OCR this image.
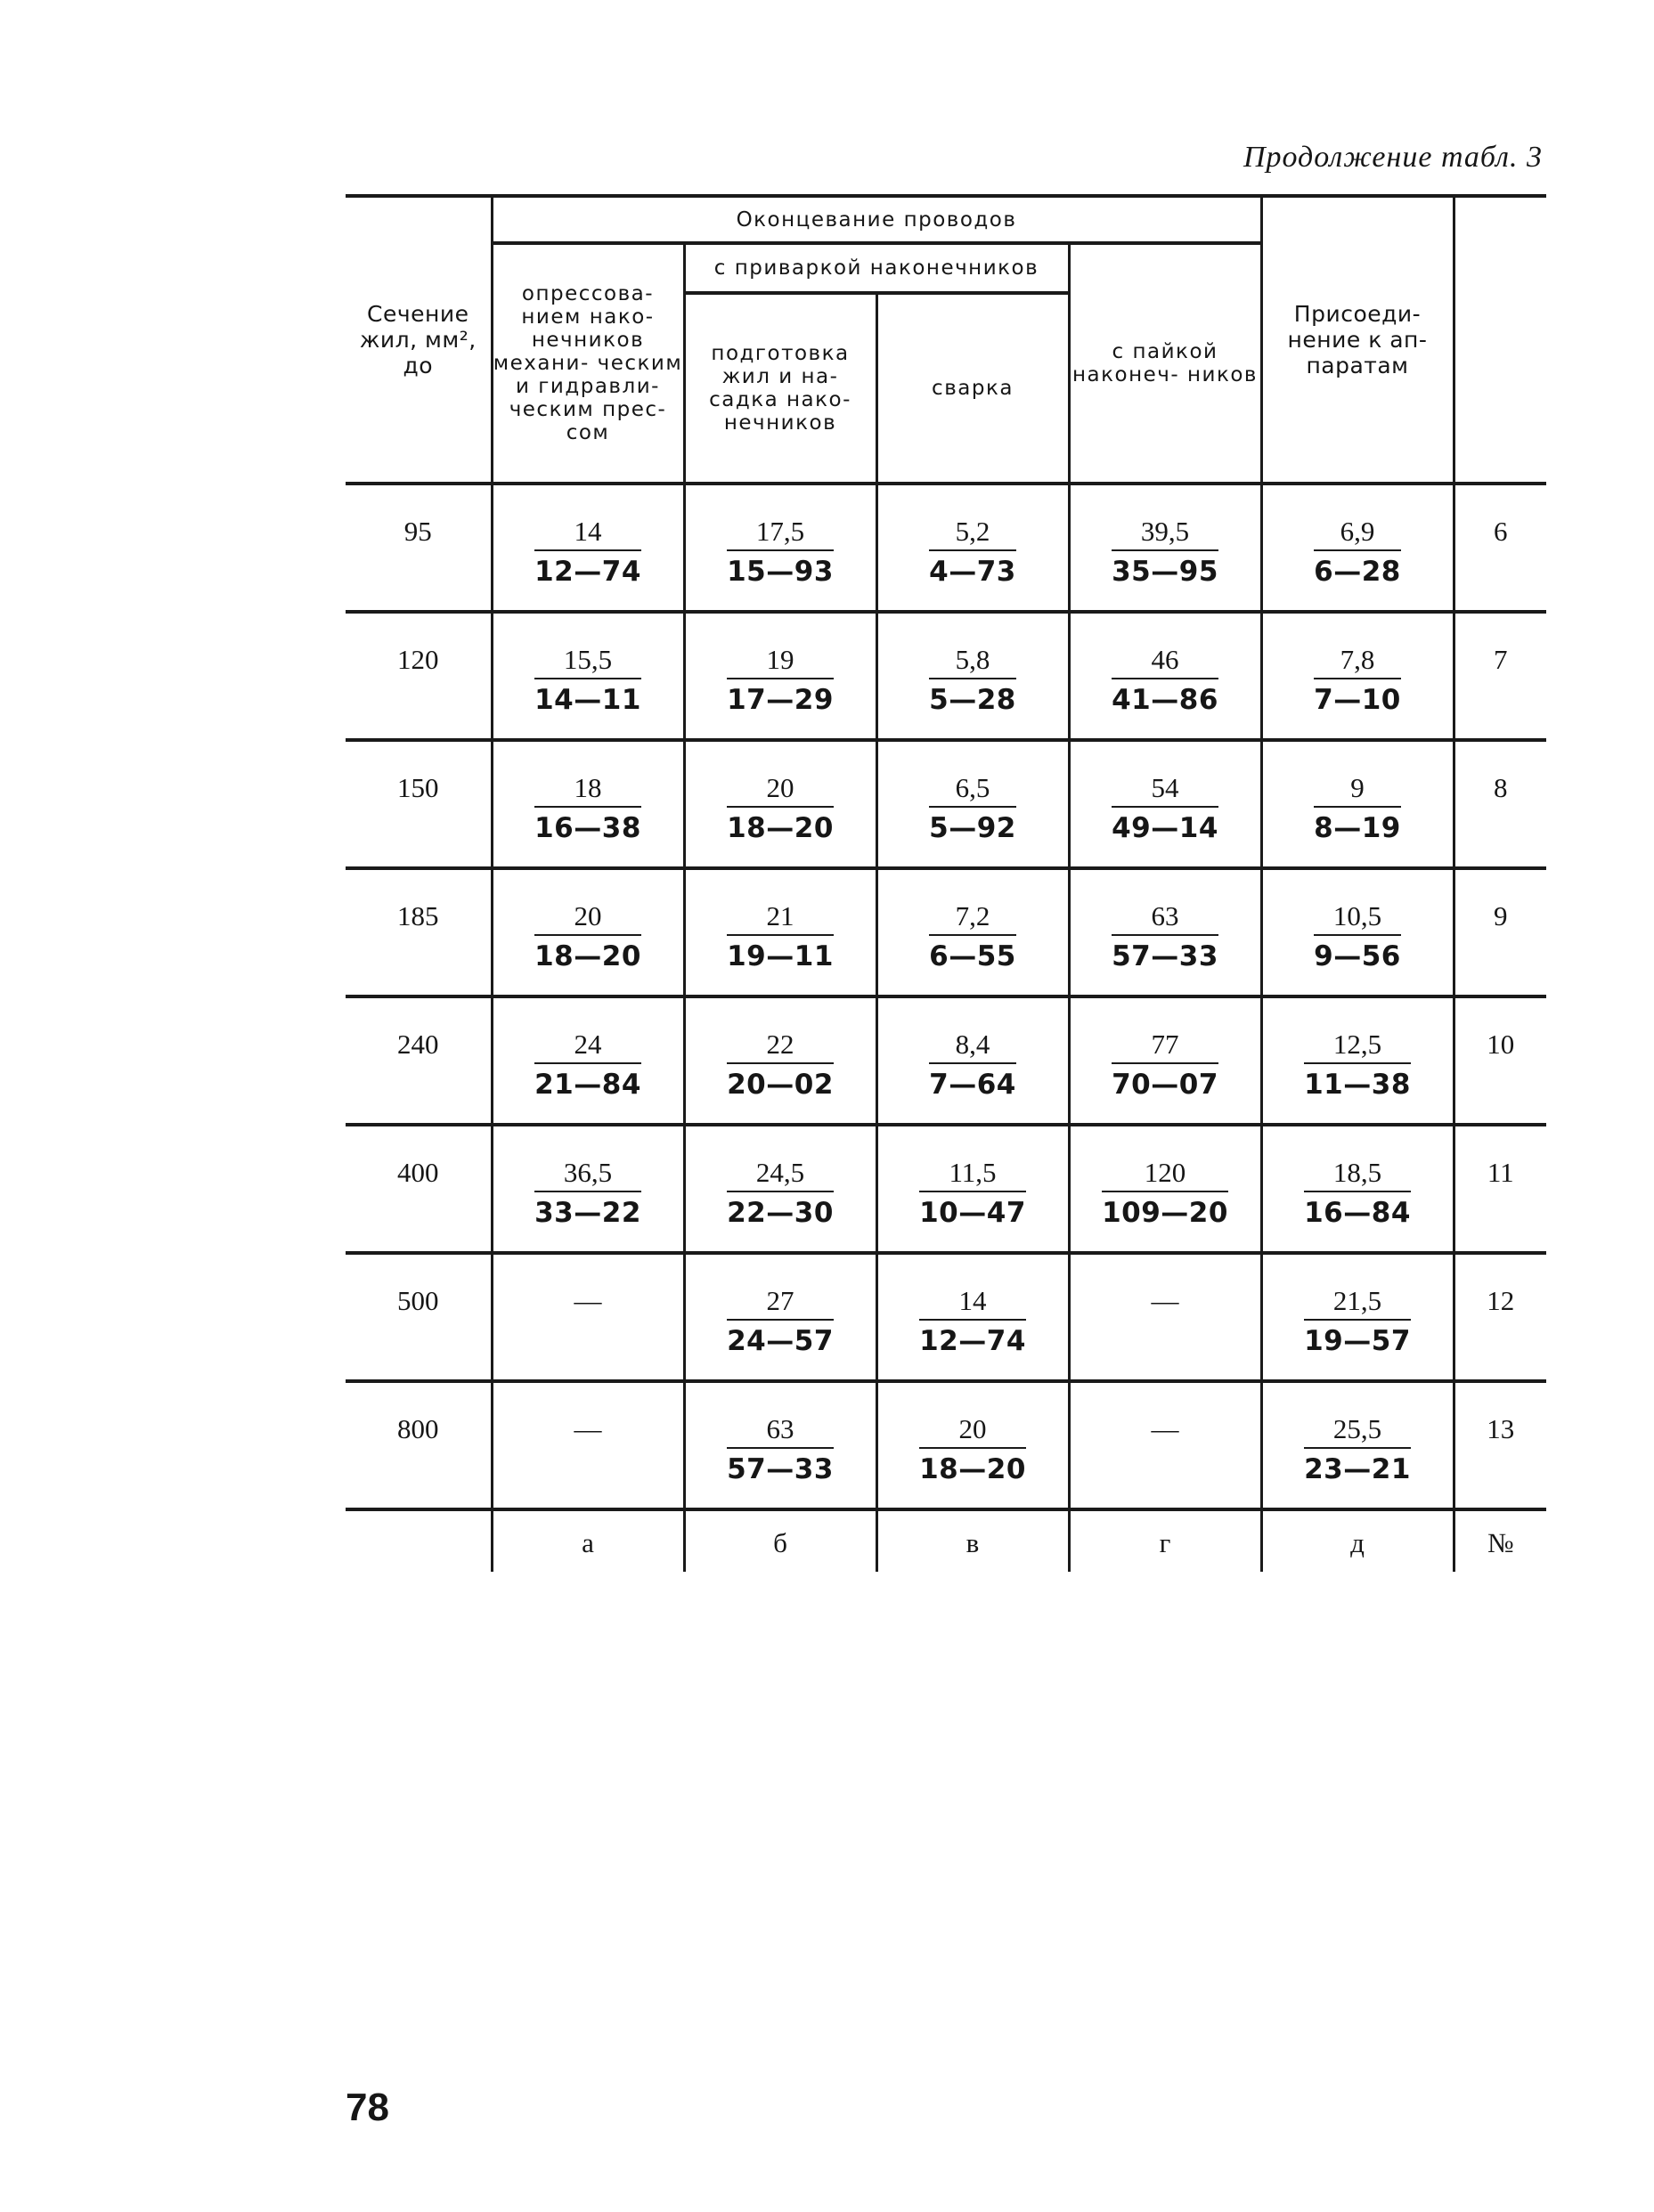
Продолжение табл. 3
Сечение жил, мм², до	Оконцевание проводов				Присоеди- нение к ап- паратам	
	опрессова- нием нако- нечников механи- ческим и гидравли- ческим прес- сом	с приваркой наконечников		с пайкой наконеч- ников		
		подготовка жил и на- садка нако- нечников	сварка			
95	$\frac{14}{12—74}$	$\frac{17,5}{15—93}$	$\frac{5,2}{4—73}$	$\frac{39,5}{35—95}$	$\frac{6,9}{6—28}$	6
120	$\frac{15,5}{14—11}$	$\frac{19}{17—29}$	$\frac{5,8}{5—28}$	$\frac{46}{41—86}$	$\frac{7,8}{7—10}$	7
150	$\frac{18}{16—38}$	$\frac{20}{18—20}$	$\frac{6,5}{5—92}$	$\frac{54}{49—14}$	$\frac{9}{8—19}$	8
185	$\frac{20}{18—20}$	$\frac{21}{19—11}$	$\frac{7,2}{6—55}$	$\frac{63}{57—33}$	$\frac{10,5}{9—56}$	9
240	$\frac{24}{21—84}$	$\frac{22}{20—02}$	$\frac{8,4}{7—64}$	$\frac{77}{70—07}$	$\frac{12,5}{11—38}$	10
400	$\frac{36,5}{33—22}$	$\frac{24,5}{22—30}$	$\frac{11,5}{10—47}$	$\frac{120}{109—20}$	$\frac{18,5}{16—84}$	11
500	—	$\frac{27}{24—57}$	$\frac{14}{12—74}$	—	$\frac{21,5}{19—57}$	12
800	—	$\frac{63}{57—33}$	$\frac{20}{18—20}$	—	$\frac{25,5}{23—21}$	13
	а	б	в	г	д	№
78
